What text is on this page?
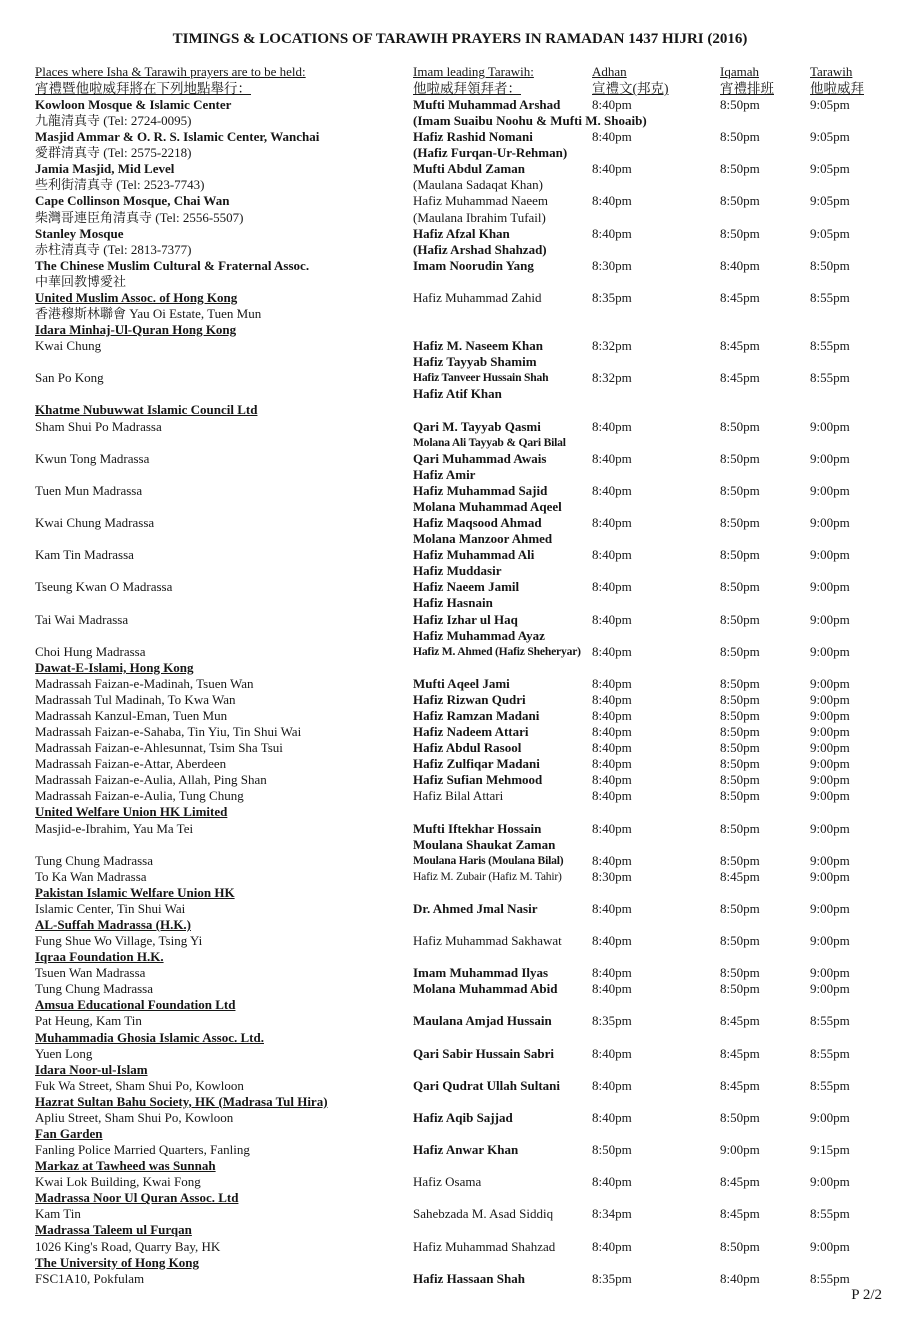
TIMINGS & LOCATIONS OF TARAWIH PRAYERS IN RAMADAN 1437 HIJRI (2016)
Places where Isha & Tarawih prayers are to be held:	Imam leading Tarawih:	Adhan	Iqamah	Tarawih
宵禮暨他啦威拜將在下列地點舉行：	他啦威拜領拜者：	宣禮文(邦克)	宵禮排班	他啦威拜
Kowloon Mosque & Islamic Center	Mufti Muhammad Arshad 8:40pm	8:50pm	9:05pm
九龍清真寺 (Tel: 2724-0095)	(Imam Suaibu Noohu & Mufti M. Shoaib)
Masjid Ammar & O. R. S. Islamic Center, Wanchai	Hafiz Rashid Nomani	8:40pm	8:50pm	9:05pm
愛群清真寺 (Tel: 2575-2218)	(Hafiz Furqan-Ur-Rehman)
Jamia Masjid, Mid Level	Mufti Abdul Zaman	8:40pm	8:50pm	9:05pm
些利街清真寺 (Tel: 2523-7743)	(Maulana Sadaqat Khan)
Cape Collinson Mosque, Chai Wan	Hafiz Muhammad Naeem	8:40pm	8:50pm	9:05pm
柴灣哥連臣角清真寺 (Tel: 2556-5507)	(Maulana Ibrahim Tufail)
Stanley Mosque	Hafiz Afzal Khan	8:40pm	8:50pm	9:05pm
赤柱清真寺 (Tel: 2813-7377)	(Hafiz Arshad Shahzad)
The Chinese Muslim Cultural & Fraternal Assoc.	Imam Noorudin Yang	8:30pm	8:40pm	8:50pm
中華回教博愛社
United Muslim Assoc. of Hong Kong	Hafiz Muhammad Zahid	8:35pm	8:45pm	8:55pm
香港穆斯林聯會 Yau Oi Estate, Tuen Mun
Idara Minhaj-Ul-Quran Hong Kong
Kwai Chung	Hafiz M. Naseem Khan	8:32pm	8:45pm	8:55pm
Hafiz Tayyab Shamim
San Po Kong	Hafiz Tanveer Hussain Shah	8:32pm	8:45pm	8:55pm
Hafiz Atif Khan
Khatme Nubuwwat Islamic Council Ltd
Sham Shui Po Madrassa	Qari M. Tayyab Qasmi	8:40pm	8:50pm	9:00pm
Molana Ali Tayyab & Qari Bilal
Kwun Tong Madrassa	Qari Muhammad Awais	8:40pm	8:50pm	9:00pm
Hafiz Amir
Tuen Mun Madrassa	Hafiz Muhammad Sajid	8:40pm	8:50pm	9:00pm
Molana Muhammad Aqeel
Kwai Chung Madrassa	Hafiz Maqsood Ahmad	8:40pm	8:50pm	9:00pm
Molana Manzoor Ahmed
Kam Tin Madrassa	Hafiz Muhammad Ali	8:40pm	8:50pm	9:00pm
Hafiz Muddasir
Tseung Kwan O Madrassa	Hafiz Naeem Jamil	8:40pm	8:50pm	9:00pm
Hafiz Hasnain
Tai Wai Madrassa	Hafiz Izhar ul Haq	8:40pm	8:50pm	9:00pm
Hafiz Muhammad Ayaz
Choi Hung Madrassa	Hafiz M. Ahmed (Hafiz Sheheryar) 8:40pm	8:50pm	9:00pm
Dawat-E-Islami, Hong Kong
Madrassah Faizan-e-Madinah, Tsuen Wan	Mufti Aqeel Jami	8:40pm	8:50pm	9:00pm
Madrassah Tul Madinah, To Kwa Wan	Hafiz Rizwan Qudri	8:40pm	8:50pm	9:00pm
Madrassah Kanzul-Eman, Tuen Mun	Hafiz Ramzan Madani	8:40pm	8:50pm	9:00pm
Madrassah Faizan-e-Sahaba, Tin Yiu, Tin Shui Wai	Hafiz Nadeem Attari	8:40pm	8:50pm	9:00pm
Madrassah Faizan-e-Ahlesunnat, Tsim Sha Tsui	Hafiz Abdul Rasool	8:40pm	8:50pm	9:00pm
Madrassah Faizan-e-Attar, Aberdeen	Hafiz Zulfiqar Madani	8:40pm	8:50pm	9:00pm
Madrassah Faizan-e-Aulia, Allah, Ping Shan	Hafiz Sufian Mehmood	8:40pm	8:50pm	9:00pm
Madrassah Faizan-e-Aulia, Tung Chung	Hafiz Bilal Attari	8:40pm	8:50pm	9:00pm
United Welfare Union HK Limited
Masjid-e-Ibrahim, Yau Ma Tei	Mufti Iftekhar Hossain	8:40pm	8:50pm	9:00pm
Moulana Shaukat Zaman
Tung Chung Madrassa	Moulana Haris (Moulana Bilal) 8:40pm	8:50pm	9:00pm
To Ka Wan Madrassa	Hafiz M. Zubair (Hafiz M. Tahir) 8:30pm	8:45pm	9:00pm
Pakistan Islamic Welfare Union HK
Islamic Center, Tin Shui Wai	Dr. Ahmed Jmal Nasir	8:40pm	8:50pm	9:00pm
AL-Suffah Madrassa (H.K.)
Fung Shue Wo Village, Tsing Yi	Hafiz Muhammad Sakhawat 8:40pm	8:50pm	9:00pm
Iqraa Foundation H.K.
Tsuen Wan Madrassa	Imam Muhammad Ilyas	8:40pm	8:50pm	9:00pm
Tung Chung Madrassa	Molana Muhammad Abid	8:40pm	8:50pm	9:00pm
Amsua Educational Foundation Ltd
Pat Heung, Kam Tin	Maulana Amjad Hussain	8:35pm	8:45pm	8:55pm
Muhammadia Ghosia Islamic Assoc. Ltd.
Yuen Long	Qari Sabir Hussain Sabri	8:40pm	8:45pm	8:55pm
Idara Noor-ul-Islam
Fuk Wa Street, Sham Shui Po, Kowloon	Qari Qudrat Ullah Sultani 8:40pm	8:45pm	8:55pm
Hazrat Sultan Bahu Society, HK (Madrasa Tul Hira)
Apliu Street, Sham Shui Po, Kowloon	Hafiz Aqib Sajjad	8:40pm	8:50pm	9:00pm
Fan Garden
Fanling Police Married Quarters, Fanling	Hafiz Anwar Khan	8:50pm	9:00pm	9:15pm
Markaz at Tawheed was Sunnah
Kwai Lok Building, Kwai Fong	Hafiz Osama	8:40pm	8:45pm	9:00pm
Madrassa Noor Ul Quran Assoc. Ltd
Kam Tin	Sahebzada M. Asad Siddiq	8:34pm	8:45pm	8:55pm
Madrassa Taleem ul Furqan
1026 King's Road, Quarry Bay, HK	Hafiz Muhammad Shahzad	8:40pm	8:50pm	9:00pm
The University of Hong Kong
FSC1A10, Pokfulam	Hafiz Hassaan Shah	8:35pm	8:40pm	8:55pm
P 2/2
